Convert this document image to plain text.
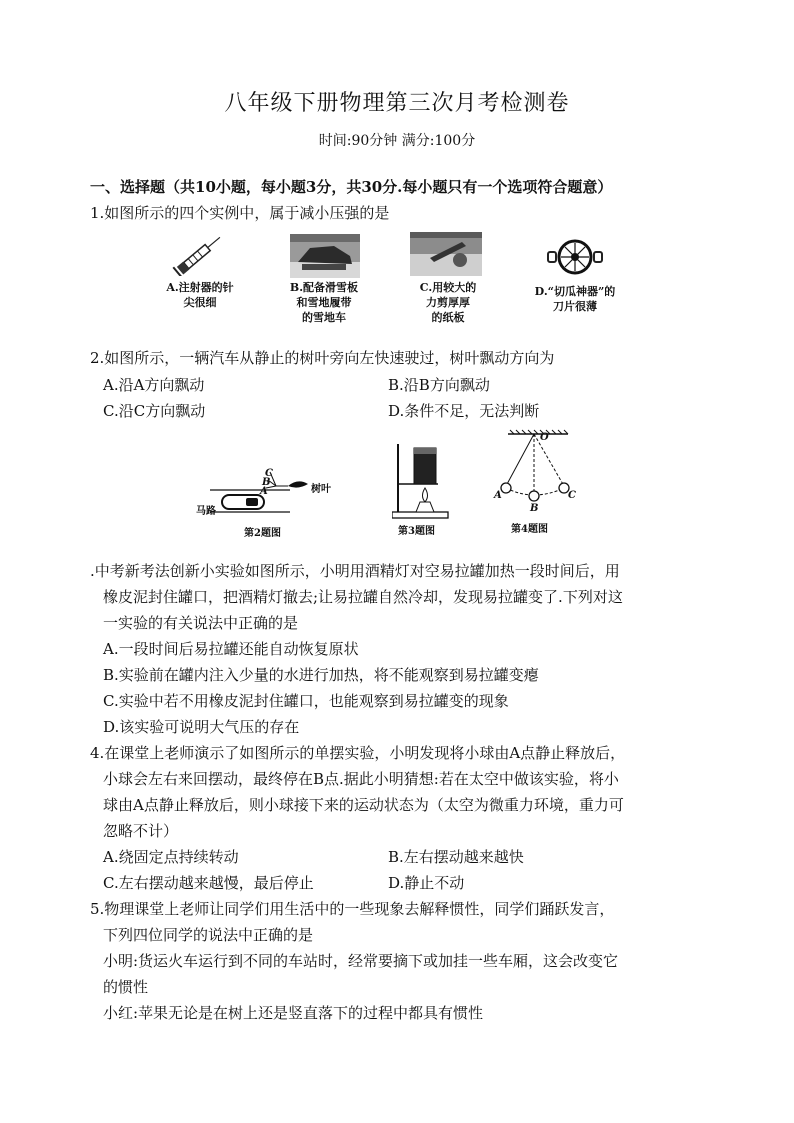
八年级下册物理第三次月考检测卷
时间:90分钟 满分:100分
一、选择题（共10小题，每小题3分，共30分.每小题只有一个选项符合题意）
1.如图所示的四个实例中，属于减小压强的是
A.注射器的针
尖很细
B.配备滑雪板
和雪地履带
的雪地车
C.用较大的
力剪厚厚
的纸板
D.“切瓜神器”的
刀片很薄
2.如图所示，一辆汽车从静止的树叶旁向左快速驶过，树叶飘动方向为
A.沿A方向飘动	B.沿B方向飘动
C.沿C方向飘动	D.条件不足，无法判断
C
B
A	树叶
马路
第2题图	第3题图
O
A
B
C
第4题图
.中考新考法创新小实验如图所示，小明用酒精灯对空易拉罐加热一段时间后，用
橡皮泥封住罐口，把酒精灯撤去;让易拉罐自然冷却，发现易拉罐变了.下列对这
一实验的有关说法中正确的是
A.一段时间后易拉罐还能自动恢复原状
B.实验前在罐内注入少量的水进行加热，将不能观察到易拉罐变瘪
C.实验中若不用橡皮泥封住罐口，也能观察到易拉罐变的现象
D.该实验可说明大气压的存在
4.在课堂上老师演示了如图所示的单摆实验，小明发现将小球由A点静止释放后，
小球会左右来回摆动，最终停在B点.据此小明猜想:若在太空中做该实验，将小
球由A点静止释放后，则小球接下来的运动状态为（太空为微重力环境，重力可
忽略不计）
A.绕固定点持续转动	B.左右摆动越来越快
C.左右摆动越来越慢，最后停止	D.静止不动
5.物理课堂上老师让同学们用生活中的一些现象去解释惯性，同学们踊跃发言，
下列四位同学的说法中正确的是
小明:货运火车运行到不同的车站时，经常要摘下或加挂一些车厢，这会改变它
的惯性
小红:苹果无论是在树上还是竖直落下的过程中都具有惯性
